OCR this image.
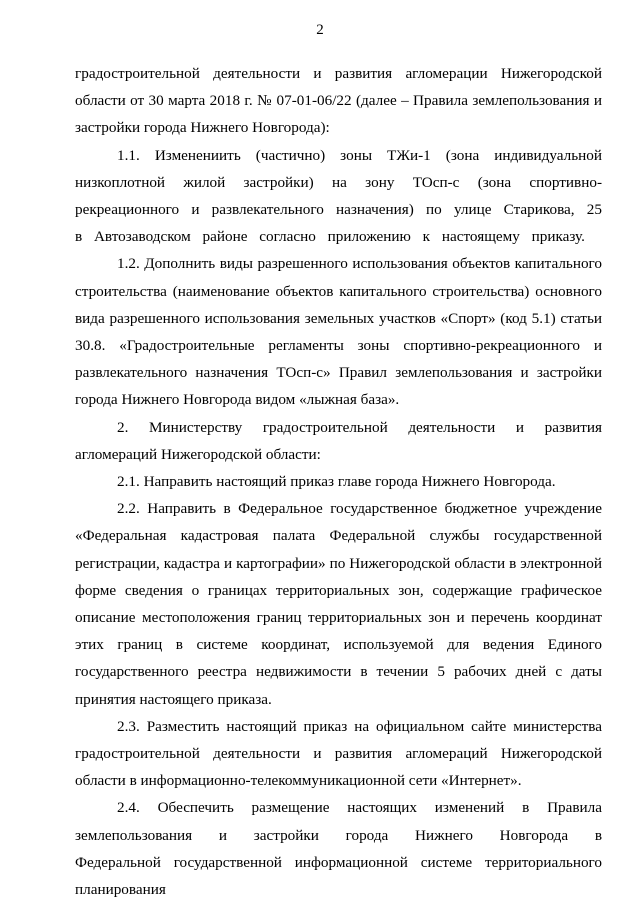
2

градостроительной деятельности и развития агломерации Нижегородской области от 30 марта 2018 г. № 07-01-06/22 (далее – Правила землепользования и застройки города Нижнего Новгорода):

1.1. Изменениить (частично) зоны ТЖи-1 (зона индивидуальной низкоплотной жилой застройки) на зону ТОсп-с (зона спортивно-рекреационного и развлекательного назначения) по улице Старикова, 25 в Автозаводском районе согласно приложению к настоящему приказу.

1.2. Дополнить виды разрешенного использования объектов капитального строительства (наименование объектов капитального строительства) основного вида разрешенного использования земельных участков «Спорт» (код 5.1) статьи 30.8. «Градостроительные регламенты зоны спортивно-рекреационного и развлекательного назначения ТОсп-с» Правил землепользования и застройки города Нижнего Новгорода видом «лыжная база».

2. Министерству градостроительной деятельности и развития агломераций Нижегородской области:

2.1. Направить настоящий приказ главе города Нижнего Новгорода.

2.2. Направить в Федеральное государственное бюджетное учреждение «Федеральная кадастровая палата Федеральной службы государственной регистрации, кадастра и картографии» по Нижегородской области в электронной форме сведения о границах территориальных зон, содержащие графическое описание местоположения границ территориальных зон и перечень координат этих границ в системе координат, используемой для ведения Единого государственного реестра недвижимости в течении 5 рабочих дней с даты принятия настоящего приказа.

2.3. Разместить настоящий приказ на официальном сайте министерства градостроительной деятельности и развития агломераций Нижегородской области в информационно-телекоммуникационной сети «Интернет».

2.4. Обеспечить размещение настоящих изменений в Правила землепользования и застройки города Нижнего Новгорода в Федеральной государственной информационной системе территориального планирования
